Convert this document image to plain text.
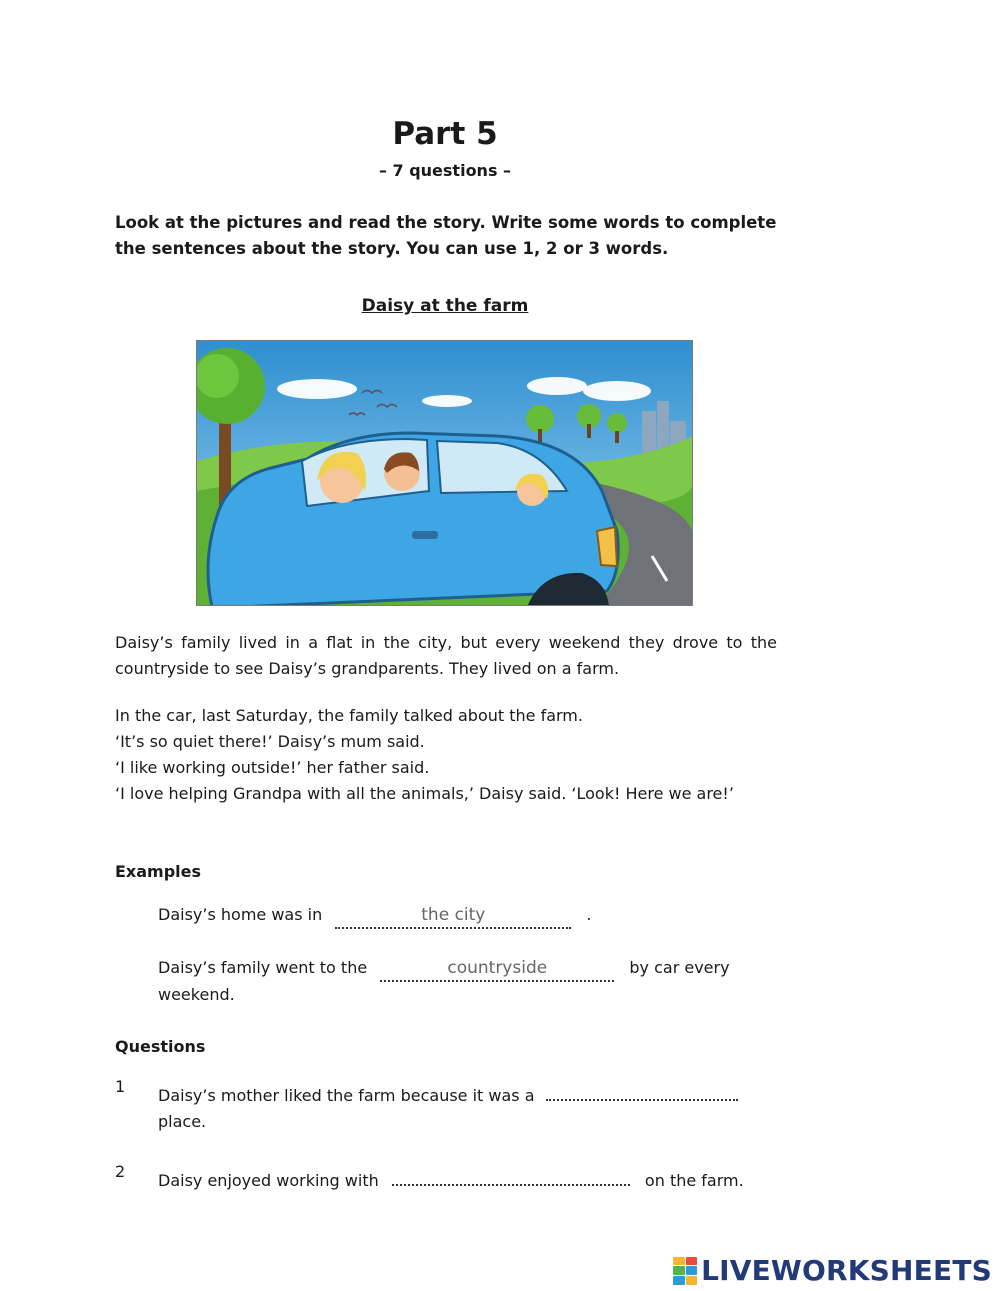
Part 5
– 7 questions –
Look at the pictures and read the story. Write some words to complete the sentences about the story. You can use 1, 2 or 3 words.
Daisy at the farm
Daisy’s family lived in a flat in the city, but every weekend they drove to the countryside to see Daisy’s grandparents. They lived on a farm.
In the car, last Saturday, the family talked about the farm.
‘It’s so quiet there!’ Daisy’s mum said.
‘I like working outside!’ her father said.
‘I love helping Grandpa with all the animals,’ Daisy said. ‘Look! Here we are!’
Examples
Daisy’s home was in	the city	.
Daisy’s family went to the	countryside	by car every weekend.
Questions
1 Daisy’s mother liked the farm because it was a  place.
2 Daisy enjoyed working with	on the farm.
LIVEWORKSHEETS
